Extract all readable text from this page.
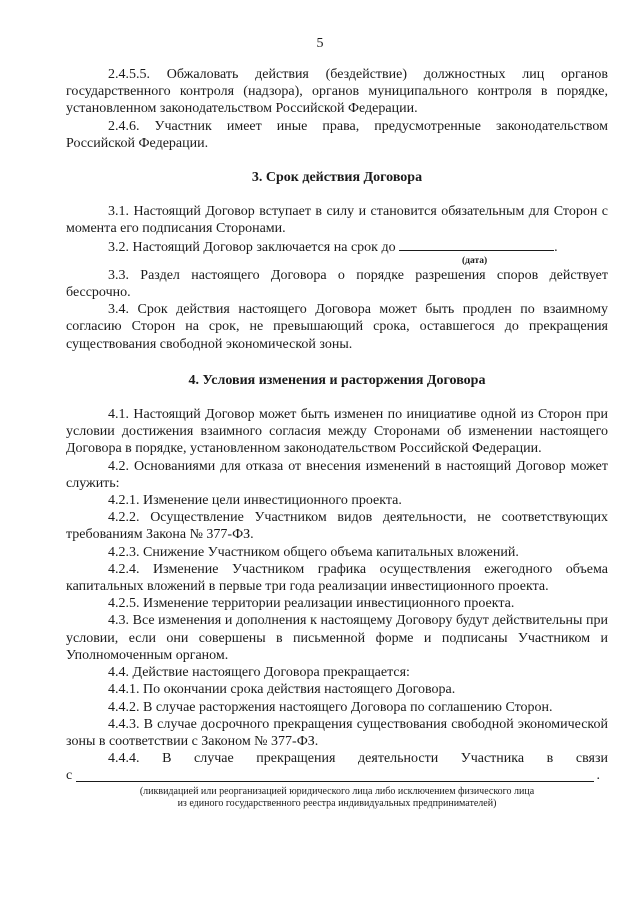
5

2.4.5.5. Обжаловать действия (бездействие) должностных лиц органов государственного контроля (надзора), органов муниципального контроля в порядке, установленном законодательством Российской Федерации.

2.4.6. Участник имеет иные права, предусмотренные законодательством Российской Федерации.

3. Срок действия Договора

3.1. Настоящий Договор вступает в силу и становится обязательным для Сторон с момента его подписания Сторонами.

3.2. Настоящий Договор заключается на срок до	.

(дата)

3.3. Раздел настоящего Договора о порядке разрешения споров действует бессрочно.

3.4. Срок действия настоящего Договора может быть продлен по взаимному согласию Сторон на срок, не превышающий срока, оставшегося до прекращения существования свободной экономической зоны.

4. Условия изменения и расторжения Договора

4.1. Настоящий Договор может быть изменен по инициативе одной из Сторон при условии достижения взаимного согласия между Сторонами об изменении настоящего Договора в порядке, установленном законодательством Российской Федерации.

4.2. Основаниями для отказа от внесения изменений в настоящий Договор может служить:

4.2.1. Изменение цели инвестиционного проекта.

4.2.2. Осуществление Участником видов деятельности, не соответствующих требованиям Закона № 377-ФЗ.

4.2.3. Снижение Участником общего объема капитальных вложений.

4.2.4. Изменение Участником графика осуществления ежегодного объема капитальных вложений в первые три года реализации инвестиционного проекта.

4.2.5. Изменение территории реализации инвестиционного проекта.

4.3. Все изменения и дополнения к настоящему Договору будут действительны при условии, если они совершены в письменной форме и подписаны Участником и Уполномоченным органом.

4.4. Действие настоящего Договора прекращается:

4.4.1. По окончании срока действия настоящего Договора.

4.4.2. В случае расторжения настоящего Договора по соглашению Сторон.

4.4.3. В случае досрочного прекращения существования свободной экономической зоны в соответствии с Законом № 377-ФЗ.

4.4.4. В случае прекращения деятельности Участника в связи

с	.

(ликвидацией или реорганизацией юридического лица либо исключением физического лица

из единого государственного реестра индивидуальных предпринимателей)
